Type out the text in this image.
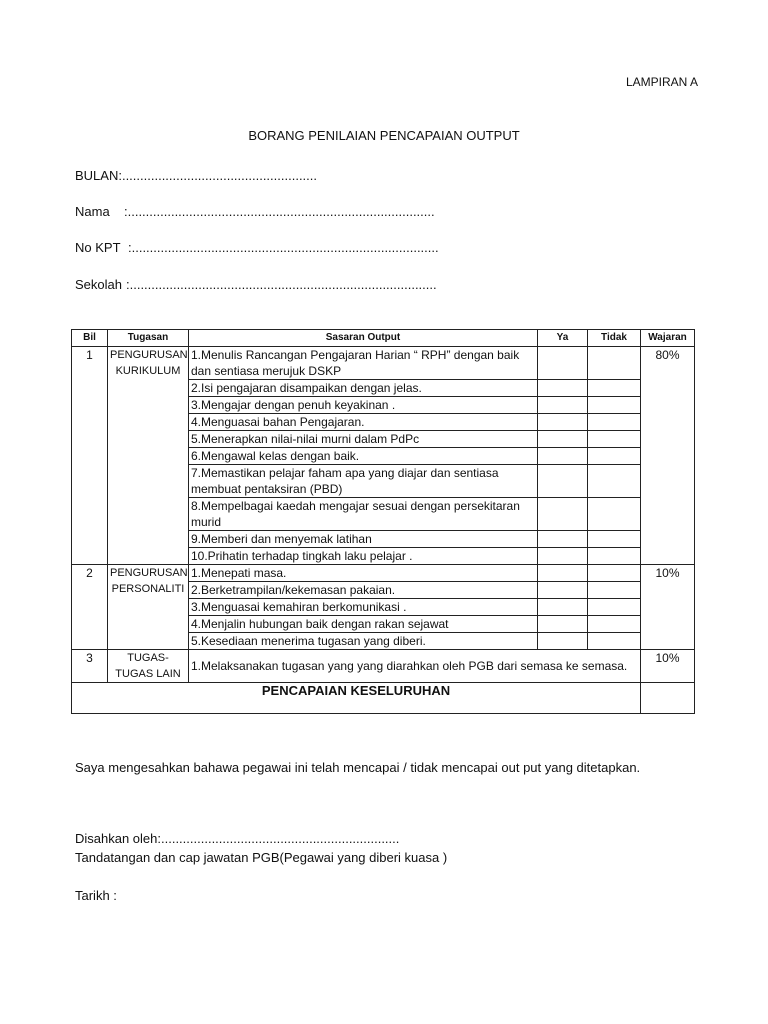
LAMPIRAN A
BORANG PENILAIAN PENCAPAIAN OUTPUT
BULAN:......................................................
Nama :.....................................................................................
No KPT :.....................................................................................
Sekolah :.....................................................................................
Bil	Tugasan	Sasaran Output	Ya	Tidak	Wajaran
1	PENGURUSAN KURIKULUM	1.Menulis Rancangan Pengajaran Harian “ RPH” dengan baik dan sentiasa merujuk DSKP			80%
		2.Isi pengajaran disampaikan dengan jelas.			
		3.Mengajar dengan penuh keyakinan .			
		4.Menguasai bahan Pengajaran.			
		5.Menerapkan nilai-nilai murni dalam PdPc			
		6.Mengawal kelas dengan baik.			
		7.Memastikan pelajar faham apa yang diajar dan sentiasa membuat pentaksiran (PBD)			
		8.Mempelbagai kaedah mengajar sesuai dengan persekitaran murid			
		9.Memberi dan menyemak latihan			
		10.Prihatin terhadap tingkah laku pelajar .			
2	PENGURUSAN PERSONALITI	1.Menepati masa.			10%
		2.Berketrampilan/kekemasan pakaian.			
		3.Menguasai kemahiran berkomunikasi .			
		4.Menjalin hubungan baik dengan rakan sejawat			
		5.Kesediaan menerima tugasan yang diberi.			
3	TUGAS-TUGAS LAIN	1.Melaksanakan tugasan yang yang diarahkan oleh PGB dari semasa ke semasa.			10%
PENCAPAIAN KESELURUHAN					
Saya mengesahkan bahawa pegawai ini telah mencapai / tidak mencapai out put yang ditetapkan.
Disahkan oleh:..................................................................
Tandatangan dan cap jawatan PGB(Pegawai yang diberi kuasa )
Tarikh :
